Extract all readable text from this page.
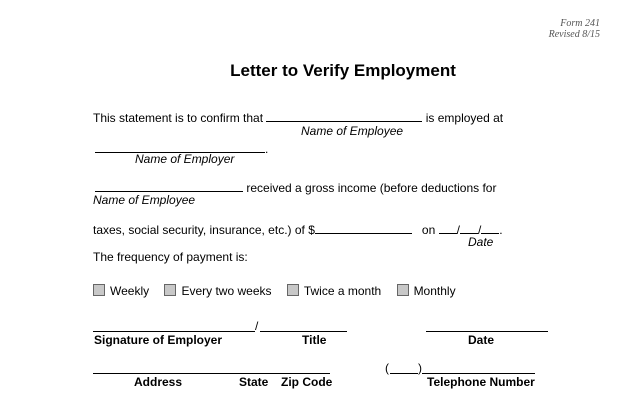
Form 241
Revised 8/15
Letter to Verify Employment
This statement is to confirm that	is employed at
Name of Employee
.
Name of Employer
received a gross income (before deductions for
Name of Employee
taxes, social security, insurance, etc.) of $	on / / .
Date
The frequency of payment is:
Weekly	Every two weeks	Twice a month	Monthly
/
Signature of Employer	Title	Date
( )
Address	State Zip Code	Telephone Number
